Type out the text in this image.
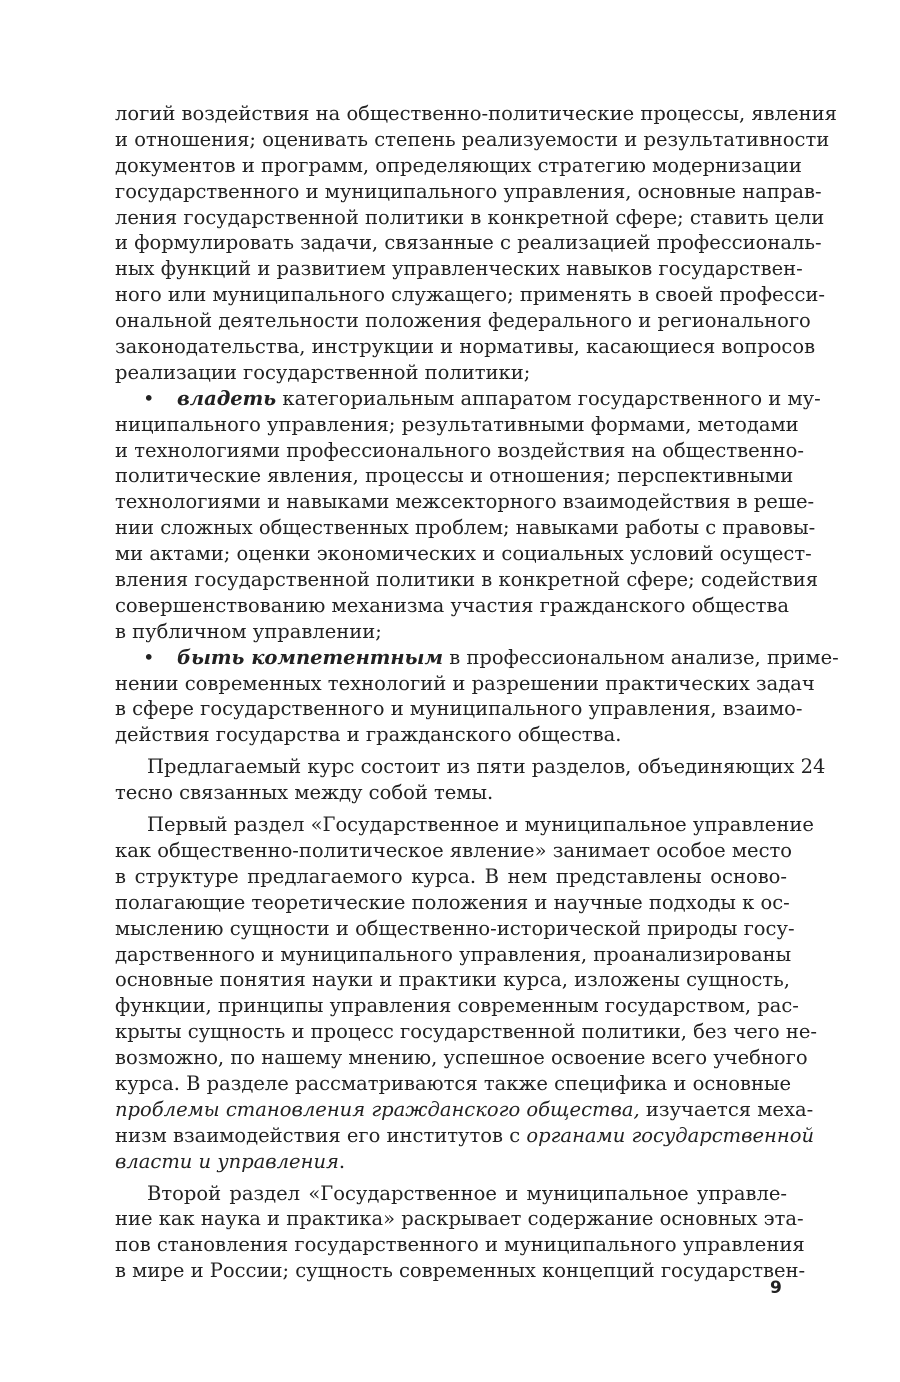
логий воздействия на общественно-политические процессы, явления
и отношения; оценивать степень реализуемости и результативности
документов и программ, определяющих стратегию модернизации
государственного и муниципального управления, основные направ-
ления государственной политики в конкретной сфере; ставить цели
и формулировать задачи, связанные с реализацией профессиональ-
ных функций и развитием управленческих навыков государствен-
ного или муниципального служащего; применять в своей професси-
ональной деятельности положения федерального и регионального
законодательства, инструкции и нормативы, касающиеся вопросов
реализации государственной политики;
• владеть категориальным аппаратом государственного и му-
ниципального управления; результативными формами, методами
и технологиями профессионального воздействия на общественно-
политические явления, процессы и отношения; перспективными
технологиями и навыками межсекторного взаимодействия в реше-
нии сложных общественных проблем; навыками работы с правовы-
ми актами; оценки экономических и социальных условий осущест-
вления государственной политики в конкретной сфере; содействия
совершенствованию механизма участия гражданского общества
в публичном управлении;
• быть компетентным в профессиональном анализе, приме-
нении современных технологий и разрешении практических задач
в сфере государственного и муниципального управления, взаимо-
действия государства и гражданского общества.
Предлагаемый курс состоит из пяти разделов, объединяющих 24
тесно связанных между собой темы.
Первый раздел «Государственное и муниципальное управление
как общественно-политическое явление» занимает особое место
в структуре предлагаемого курса. В нем представлены осново-
полагающие теоретические положения и научные подходы к ос-
мыслению сущности и общественно-исторической природы госу-
дарственного и муниципального управления, проанализированы
основные понятия науки и практики курса, изложены сущность,
функции, принципы управления современным государством, рас-
крыты сущность и процесс государственной политики, без чего не-
возможно, по нашему мнению, успешное освоение всего учебного
курса. В разделе рассматриваются также специфика и основные
проблемы становления гражданского общества, изучается меха-
низм взаимодействия его институтов с органами государственной
власти и управления.
Второй раздел «Государственное и муниципальное управле-
ние как наука и практика» раскрывает содержание основных эта-
пов становления государственного и муниципального управления
в мире и России; сущность современных концепций государствен-
9
